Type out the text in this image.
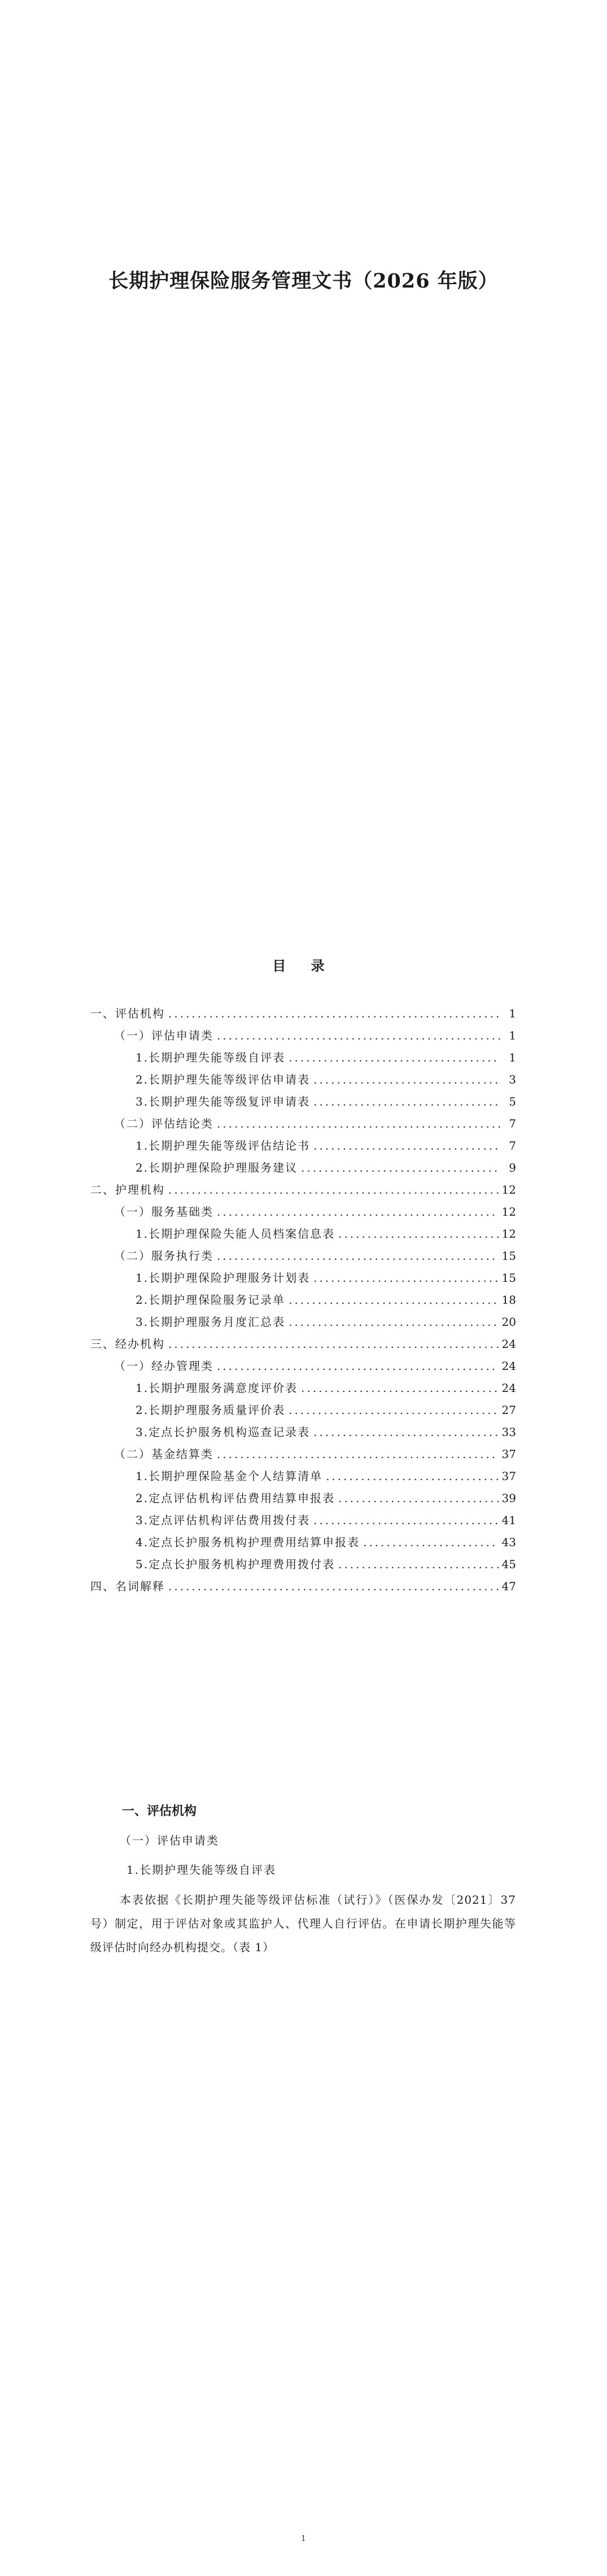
长期护理保险服务管理文书（2026 年版）
目 录
一、评估机构 .....	1
（一）评估申请类 .....	1
1.长期护理失能等级自评表 .....	1
2.长期护理失能等级评估申请表 .....	3
3.长期护理失能等级复评申请表 .....	5
（二）评估结论类 .....	7
1.长期护理失能等级评估结论书 .....	7
2.长期护理保险护理服务建议 .....	9
二、护理机构 .....	12
（一）服务基础类 .....	12
1.长期护理保险失能人员档案信息表 .....	12
（二）服务执行类 .....	15
1.长期护理保险护理服务计划表 .....	15
2.长期护理保险服务记录单 .....	18
3.长期护理服务月度汇总表 .....	20
三、经办机构 .....	24
（一）经办管理类 .....	24
1.长期护理服务满意度评价表 .....	24
2.长期护理服务质量评价表 .....	27
3.定点长护服务机构巡查记录表 .....	33
（二）基金结算类 .....	37
1.长期护理保险基金个人结算清单 .....	37
2.定点评估机构评估费用结算申报表 .....	39
3.定点评估机构评估费用拨付表 .....	41
4.定点长护服务机构护理费用结算申报表 .....	43
5.定点长护服务机构护理费用拨付表 .....	45
四、名词解释 .....	47
一、评估机构
（一）评估申请类
1.长期护理失能等级自评表

本表依据《长期护理失能等级评估标准（试行）》（医保办发〔2021〕37 号）制定，用于评估对象或其监护人、代理人自行评估。在申请长期护理失能等级评估时向经办机构提交。（表 1）

1
